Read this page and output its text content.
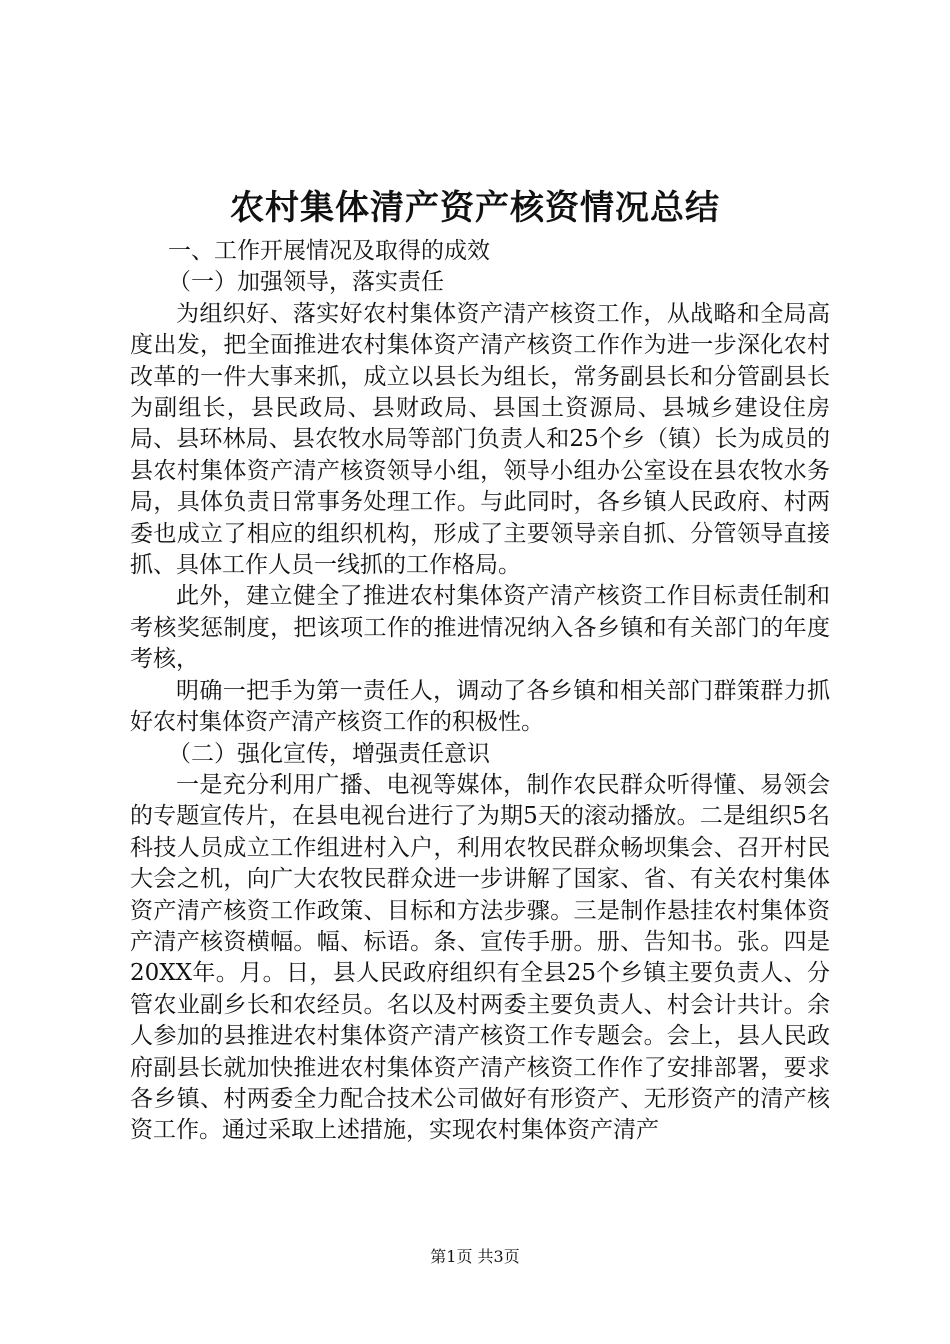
农村集体清产资产核资情况总结

一、工作开展情况及取得的成效

（一）加强领导，落实责任

为组织好、落实好农村集体资产清产核资工作，从战略和全局高度出发，把全面推进农村集体资产清产核资工作作为进一步深化农村改革的一件大事来抓，成立以县长为组长，常务副县长和分管副县长为副组长，县民政局、县财政局、县国土资源局、县城乡建设住房局、县环林局、县农牧水局等部门负责人和25个乡（镇）长为成员的县农村集体资产清产核资领导小组，领导小组办公室设在县农牧水务局，具体负责日常事务处理工作。与此同时，各乡镇人民政府、村两委也成立了相应的组织机构，形成了主要领导亲自抓、分管领导直接抓、具体工作人员一线抓的工作格局。

此外，建立健全了推进农村集体资产清产核资工作目标责任制和考核奖惩制度，把该项工作的推进情况纳入各乡镇和有关部门的年度考核，

明确一把手为第一责任人，调动了各乡镇和相关部门群策群力抓好农村集体资产清产核资工作的积极性。

（二）强化宣传，增强责任意识

一是充分利用广播、电视等媒体，制作农民群众听得懂、易领会的专题宣传片，在县电视台进行了为期5天的滚动播放。二是组织5名科技人员成立工作组进村入户，利用农牧民群众畅坝集会、召开村民大会之机，向广大农牧民群众进一步讲解了国家、省、有关农村集体资产清产核资工作政策、目标和方法步骤。三是制作悬挂农村集体资产清产核资横幅。幅、标语。条、宣传手册。册、告知书。张。四是20XX年。月。日，县人民政府组织有全县25个乡镇主要负责人、分管农业副乡长和农经员。名以及村两委主要负责人、村会计共计。余人参加的县推进农村集体资产清产核资工作专题会。会上，县人民政府副县长就加快推进农村集体资产清产核资工作作了安排部署，要求各乡镇、村两委全力配合技术公司做好有形资产、无形资产的清产核资工作。通过采取上述措施，实现农村集体资产清产

第1页 共3页
